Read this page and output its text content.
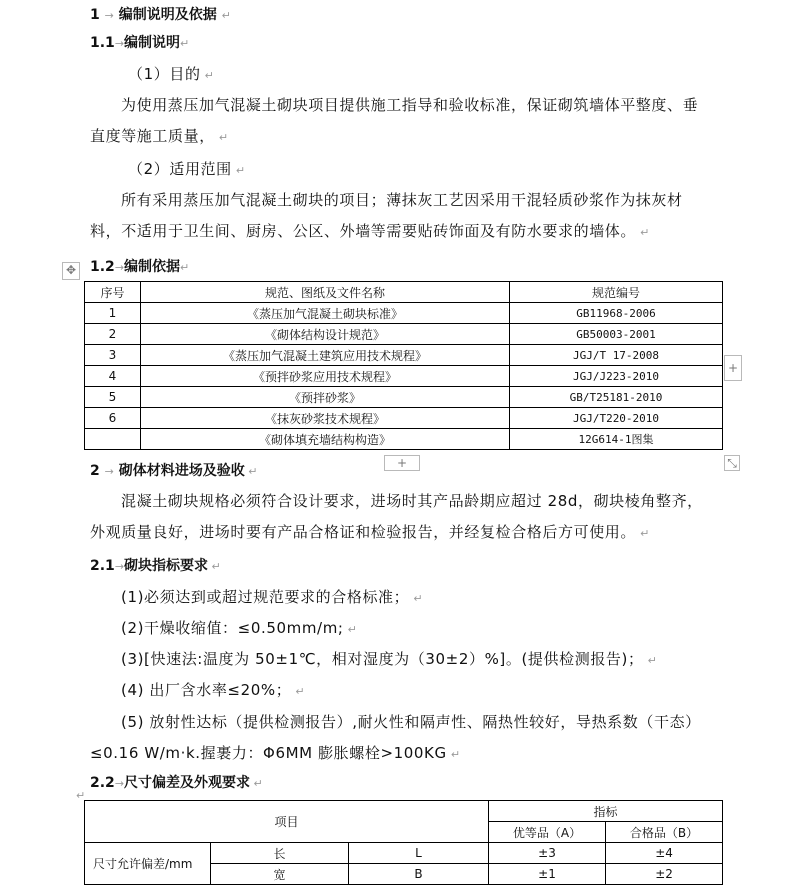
1 → 编制说明及依据 ↵
1.1→编制说明↵
（1）目的 ↵
为使用蒸压加气混凝土砌块项目提供施工指导和验收标准，保证砌筑墙体平整度、垂
直度等施工质量， ↵
（2）适用范围 ↵
所有采用蒸压加气混凝土砌块的项目；薄抹灰工艺因采用干混轻质砂浆作为抹灰材
料，不适用于卫生间、厨房、公区、外墙等需要贴砖饰面及有防水要求的墙体。 ↵
✥ 1.2→编制依据↵
序号	规范、图纸及文件名称	规范编号
1	《蒸压加气混凝土砌块标准》	GB11968-2006
2	《砌体结构设计规范》	GB50003-2001
3	《蒸压加气混凝土建筑应用技术规程》	JGJ/T 17-2008
4	《预拌砂浆应用技术规程》	JGJ/J223-2010
5	《预拌砂浆》	GB/T25181-2010
6	《抹灰砂浆技术规程》	JGJ/T220-2010
	《砌体填充墙结构构造》	12G614-1图集
+
+	⤡
2 → 砌体材料进场及验收 ↵
混凝土砌块规格必须符合设计要求，进场时其产品龄期应超过 28d，砌块棱角整齐，
外观质量良好，进场时要有产品合格证和检验报告，并经复检合格后方可使用。 ↵
2.1→砌块指标要求 ↵
(1)必须达到或超过规范要求的合格标准； ↵
(2)干燥收缩值：≤0.50mm/m; ↵
(3)[快速法:温度为 50±1℃，相对湿度为（30±2）%]。(提供检测报告)； ↵
(4) 出厂含水率≤20%； ↵
(5) 放射性达标（提供检测报告）,耐火性和隔声性、隔热性较好，导热系数（干态）
≤0.16 W/m·k.握裹力：Φ6MM 膨胀螺栓>100KG ↵
2.2→尺寸偏差及外观要求 ↵
↵
项目			指标	
			优等品（A）	合格品（B）
尺寸允许偏差/mm	长	L	±3	±4
	宽	B	±1	±2
